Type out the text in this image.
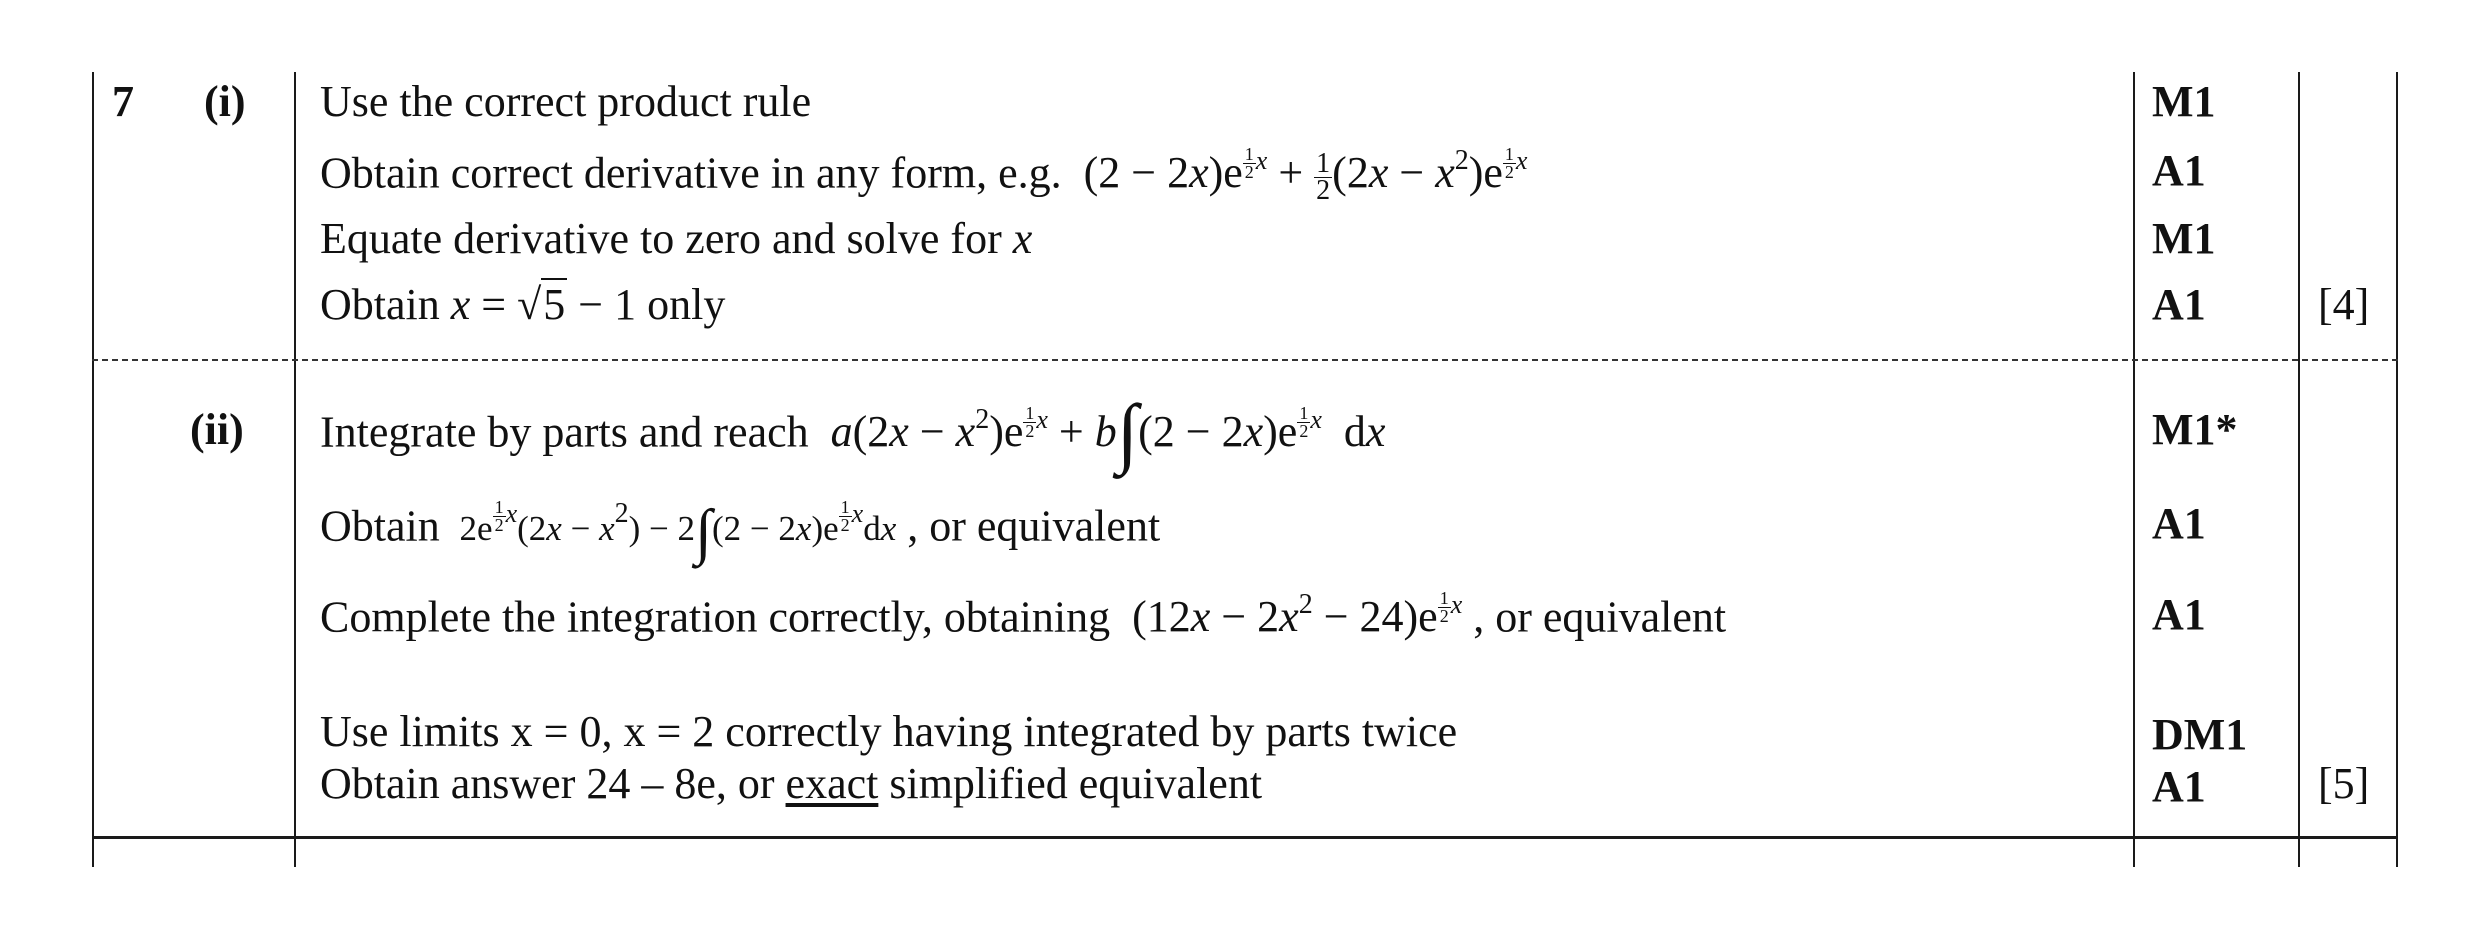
7 (i)
(ii)
Use the correct product rule
Obtain correct derivative in any form, e.g.  (2 − 2x)e $^{\frac{1}{2} x} + \frac{1}{2} (2x - x^2)e$ $^{\frac{1}{2} x}$
Equate derivative to zero and solve for x
Obtain x = √5 − 1 only
Integrate by parts and reach $a(2x - x^2)e$ $^{\frac{1}{2} x}$ + b∫(2 − 2x)e $^{\frac{1}{2} x}$  dx
Obtain  2e $^{\frac{1}{2} x}(2x - x^2) - 2\int(2 - 2x)e$ $^{\frac{1}{2} x}$dx , or equivalent
Complete the integration correctly, obtaining  $(12x - 2x^2 - 24)e$ $^{\frac{1}{2} x}$ , or equivalent
Use limits x = 0, x = 2 correctly having integrated by parts twice
Obtain answer 24 – 8e, or exact simplified equivalent
M1
A1
M1
A1
M1*
A1
A1
DM1
A1
[4]
[5]
